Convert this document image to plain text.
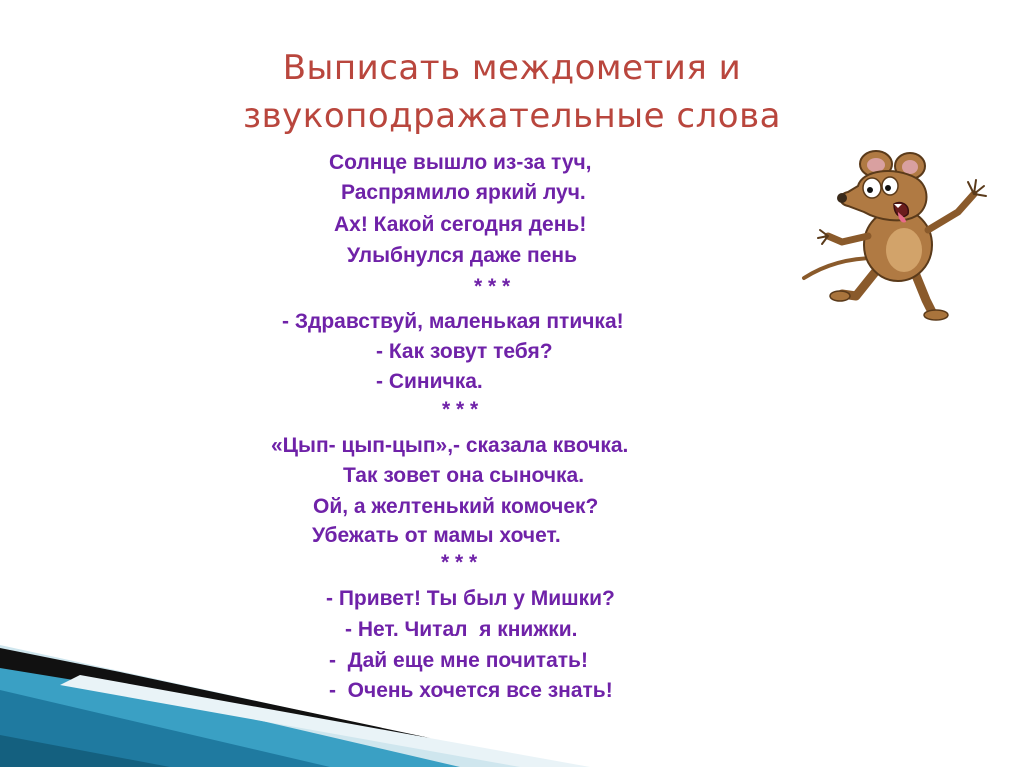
Выписать междометия и
звукоподражательные слова
Солнце вышло из-за туч,
Распрямило яркий луч.
Ах! Какой сегодня день!
Улыбнулся даже пень
* * *
- Здравствуй, маленькая птичка!
- Как зовут тебя?
- Синичка.
* * *
«Цып- цып-цып»,- сказала квочка.
Так зовет она сыночка.
Ой, а желтенький комочек?
Убежать от мамы хочет.
* * *
- Привет! Ты был у Мишки?
- Нет. Читал  я книжки.
-  Дай еще мне почитать!
-  Очень хочется все знать!
